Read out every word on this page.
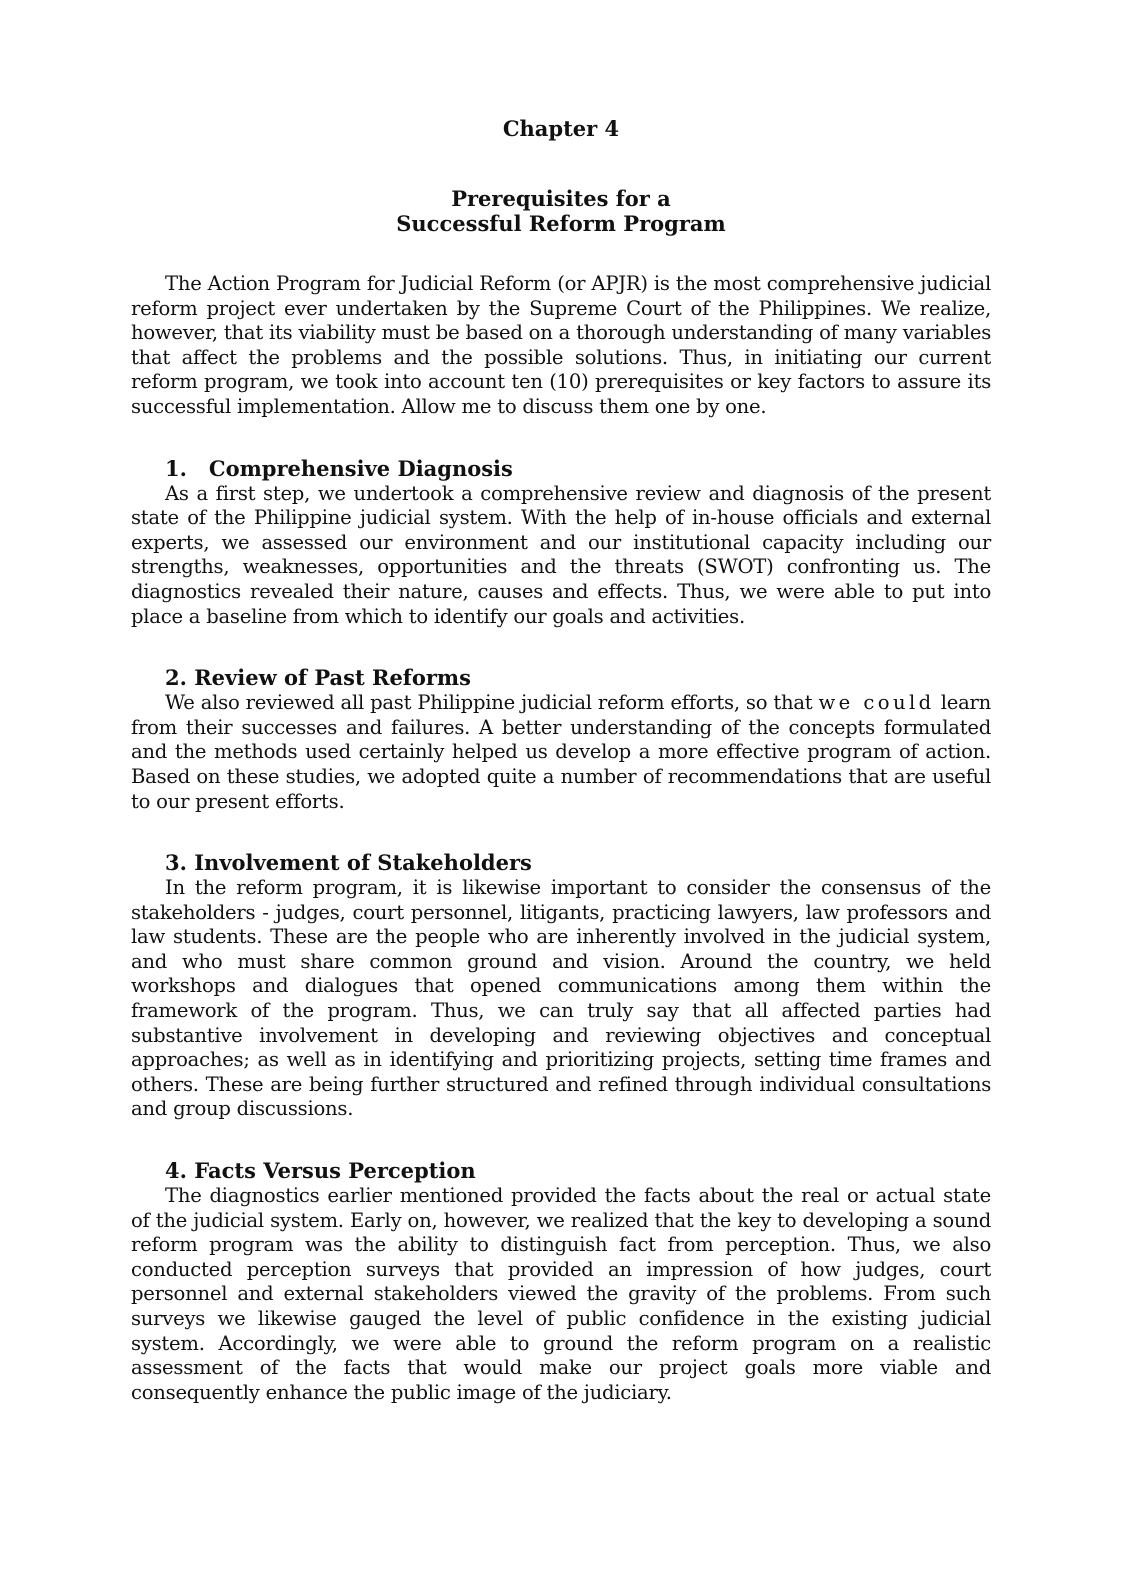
Chapter 4
Prerequisites for a
Successful Reform Program

The Action Program for Judicial Reform (or APJR) is the most comprehensive judicial reform project ever undertaken by the Supreme Court of the Philippines. We realize, however, that its viability must be based on a thorough understanding of many variables that affect the problems and the possible solutions. Thus, in initiating our current reform program, we took into account ten (10) prerequisites or key factors to assure its successful implementation. Allow me to discuss them one by one.

1.   Comprehensive Diagnosis

As a first step, we undertook a comprehensive review and diagnosis of the present state of the Philippine judicial system. With the help of in-house officials and external experts, we assessed our environment and our institutional capacity including our strengths, weaknesses, opportunities and the threats (SWOT) confronting us. The diagnostics revealed their nature, causes and effects. Thus, we were able to put into place a baseline from which to identify our goals and activities.

2. Review of Past Reforms

We also reviewed all past Philippine judicial reform efforts, so that we could learn from their successes and failures. A better understanding of the concepts formulated and the methods used certainly helped us develop a more effective program of action. Based on these studies, we adopted quite a number of recommendations that are useful to our present efforts.

3. Involvement of Stakeholders

In the reform program, it is likewise important to consider the consensus of the stakeholders - judges, court personnel, litigants, practicing lawyers, law professors and law students. These are the people who are inherently involved in the judicial system, and who must share common ground and vision. Around the country, we held workshops and dialogues that opened communications among them within the framework of the program. Thus, we can truly say that all affected parties had substantive involvement in developing and reviewing objectives and conceptual approaches; as well as in identifying and prioritizing projects, setting time frames and others. These are being further structured and refined through individual consultations and group discussions.

4. Facts Versus Perception

The diagnostics earlier mentioned provided the facts about the real or actual state of the judicial system. Early on, however, we realized that the key to developing a sound reform program was the ability to distinguish fact from perception. Thus, we also conducted perception surveys that provided an impression of how judges, court personnel and external stakeholders viewed the gravity of the problems. From such surveys we likewise gauged the level of public confidence in the existing judicial system. Accordingly, we were able to ground the reform program on a realistic assessment of the facts that would make our project goals more viable and consequently enhance the public image of the judiciary.
